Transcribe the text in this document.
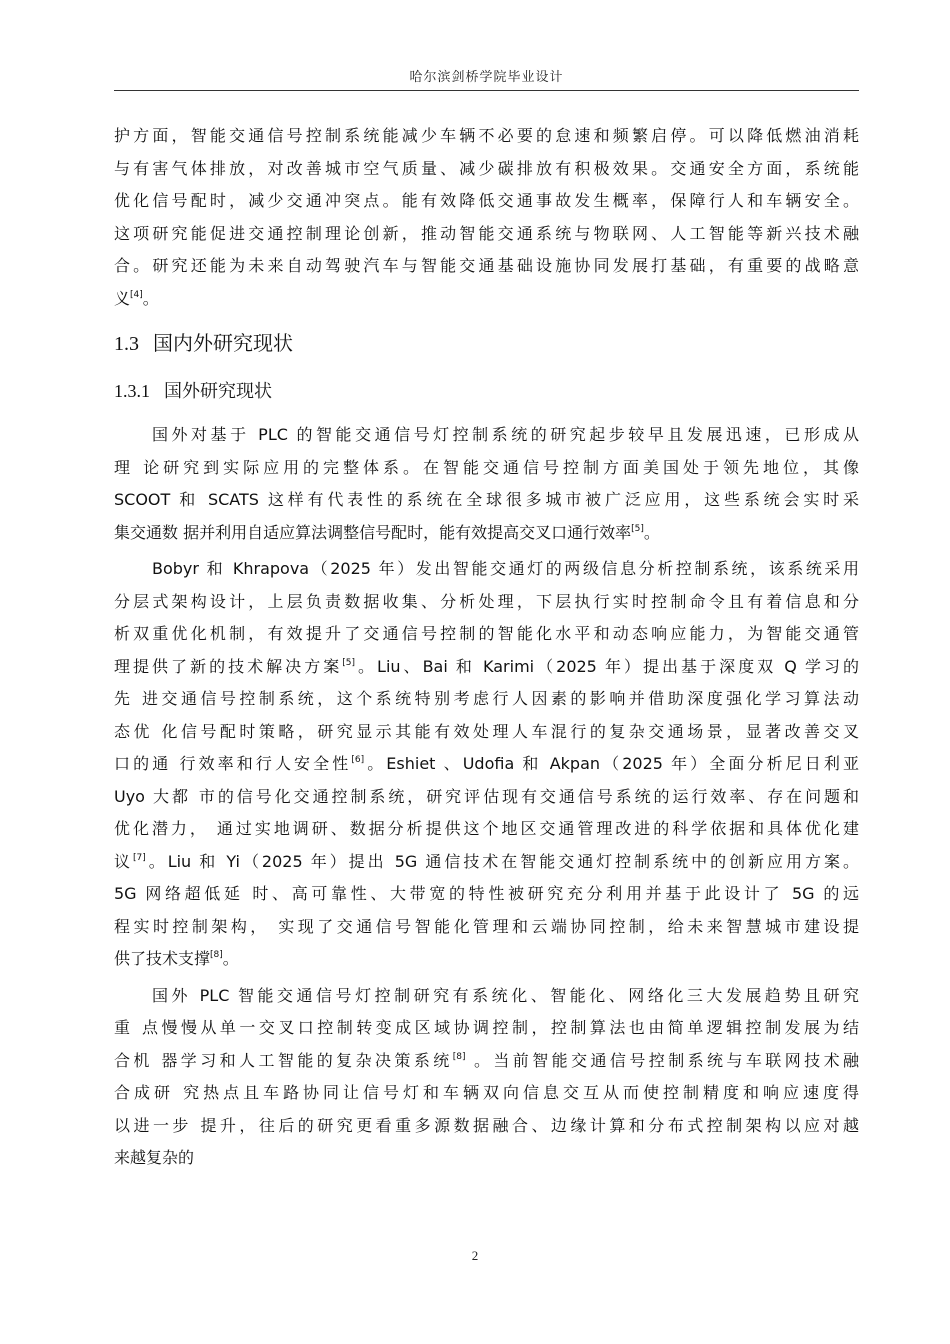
哈尔滨剑桥学院毕业设计
护方面，智能交通信号控制系统能减少车辆不必要的怠速和频繁启停。可以降低燃油消耗
与有害气体排放，对改善城市空气质量、减少碳排放有积极效果。交通安全方面，系统能
优化信号配时，减少交通冲突点。能有效降低交通事故发生概率，保障行人和车辆安全。
这项研究能促进交通控制理论创新，推动智能交通系统与物联网、人工智能等新兴技术融
合。研究还能为未来自动驾驶汽车与智能交通基础设施协同发展打基础，有重要的战略意
义[4]。
1.3 国内外研究现状
1.3.1 国外研究现状
国外对基于 PLC 的智能交通信号灯控制系统的研究起步较早且发展迅速，已形成从
理 论研究到实际应用的完整体系。在智能交通信号控制方面美国处于领先地位，其像
SCOOT 和 SCATS 这样有代表性的系统在全球很多城市被广泛应用，这些系统会实时采
集交通数 据并利用自适应算法调整信号配时，能有效提高交叉口通行效率[5]。
Bobyr 和 Khrapova（2025 年）发出智能交通灯的两级信息分析控制系统，该系统采用
分层式架构设计，上层负责数据收集、分析处理，下层执行实时控制命令且有着信息和分
析双重优化机制，有效提升了交通信号控制的智能化水平和动态响应能力，为智能交通管
理提供了新的技术解决方案[5]。Liu、Bai 和 Karimi（2025 年）提出基于深度双 Q 学习的
先 进交通信号控制系统，这个系统特别考虑行人因素的影响并借助深度强化学习算法动
态优 化信号配时策略，研究显示其能有效处理人车混行的复杂交通场景，显著改善交叉
口的通 行效率和行人安全性[6]。Eshiet 、Udofia 和 Akpan（2025 年）全面分析尼日利亚
Uyo 大都 市的信号化交通控制系统，研究评估现有交通信号系统的运行效率、存在问题和
优化潜力， 通过实地调研、数据分析提供这个地区交通管理改进的科学依据和具体优化建
议[7]。Liu 和 Yi（2025 年）提出 5G 通信技术在智能交通灯控制系统中的创新应用方案。
5G 网络超低延 时、高可靠性、大带宽的特性被研究充分利用并基于此设计了 5G 的远
程实时控制架构， 实现了交通信号智能化管理和云端协同控制，给未来智慧城市建设提
供了技术支撑[8]。
国外 PLC 智能交通信号灯控制研究有系统化、智能化、网络化三大发展趋势且研究
重 点慢慢从单一交叉口控制转变成区域协调控制，控制算法也由简单逻辑控制发展为结
合机 器学习和人工智能的复杂决策系统[8] 。当前智能交通信号控制系统与车联网技术融
合成研 究热点且车路协同让信号灯和车辆双向信息交互从而使控制精度和响应速度得
以进一步 提升，往后的研究更看重多源数据融合、边缘计算和分布式控制架构以应对越
来越复杂的
2
